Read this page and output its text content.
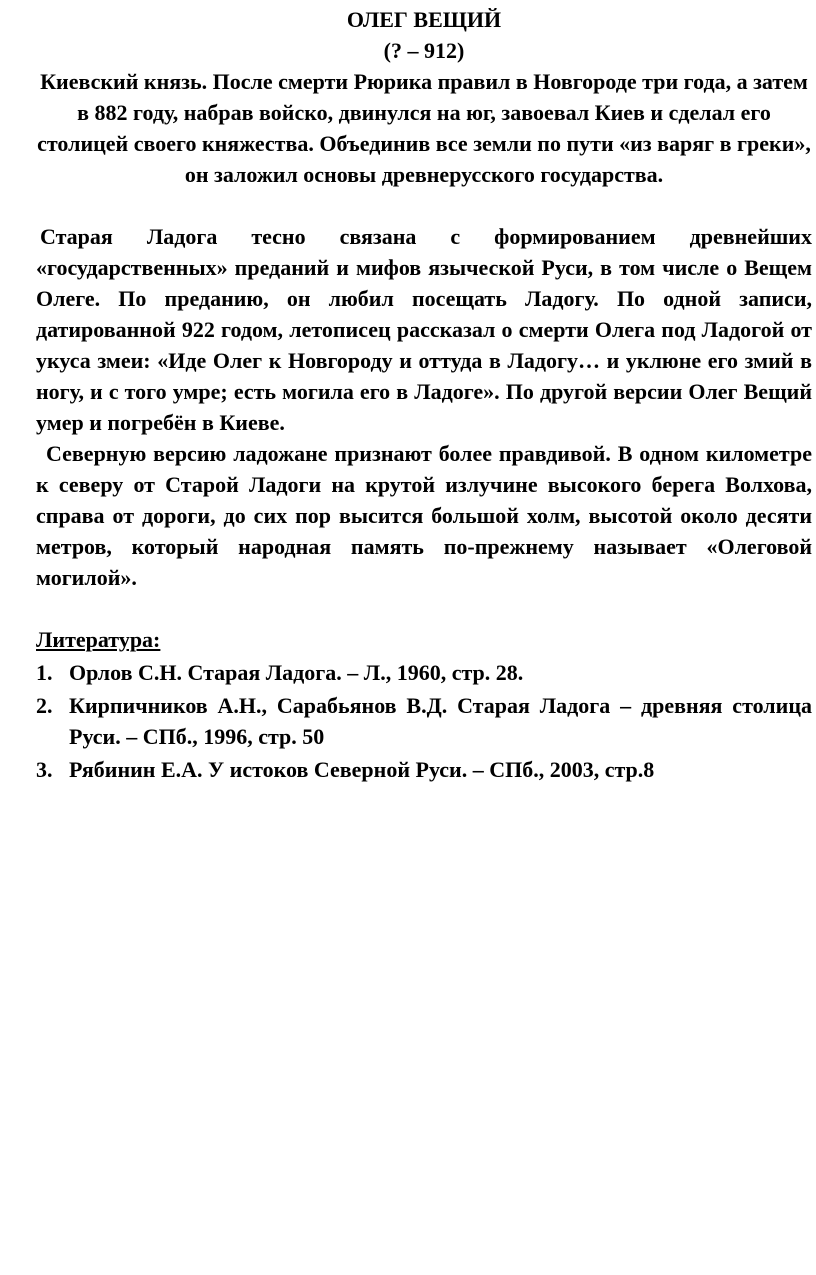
ОЛЕГ ВЕЩИЙ
(? – 912)

Киевский князь. После смерти Рюрика правил в Новгороде три года, а затем в 882 году, набрав войско, двинулся на юг, завоевал Киев и сделал его столицей своего княжества. Объединив все земли по пути «из варяг в греки», он заложил основы древнерусского государства.

Старая Ладога тесно связана с формированием древнейших «государственных» преданий и мифов языческой Руси, в том числе о Вещем Олеге. По преданию, он любил посещать Ладогу. По одной записи, датированной 922 годом, летописец рассказал о смерти Олега под Ладогой от укуса змеи: «Иде Олег к Новгороду и оттуда в Ладогу… и уклюне его змий в ногу, и с того умре; есть могила его в Ладоге». По другой версии Олег Вещий умер и погребён в Киеве.

Северную версию ладожане признают более правдивой. В одном километре к северу от Старой Ладоги на крутой излучине высокого берега Волхова, справа от дороги, до сих пор высится большой холм, высотой около десяти метров, который народная память по-прежнему называет «Олеговой могилой».

Литература:

1. Орлов С.Н. Старая Ладога. – Л., 1960, стр. 28.
2. Кирпичников А.Н., Сарабьянов В.Д. Старая Ладога – древняя столица Руси. – СПб., 1996, стр. 50
3. Рябинин Е.А. У истоков Северной Руси. – СПб., 2003, стр.8
